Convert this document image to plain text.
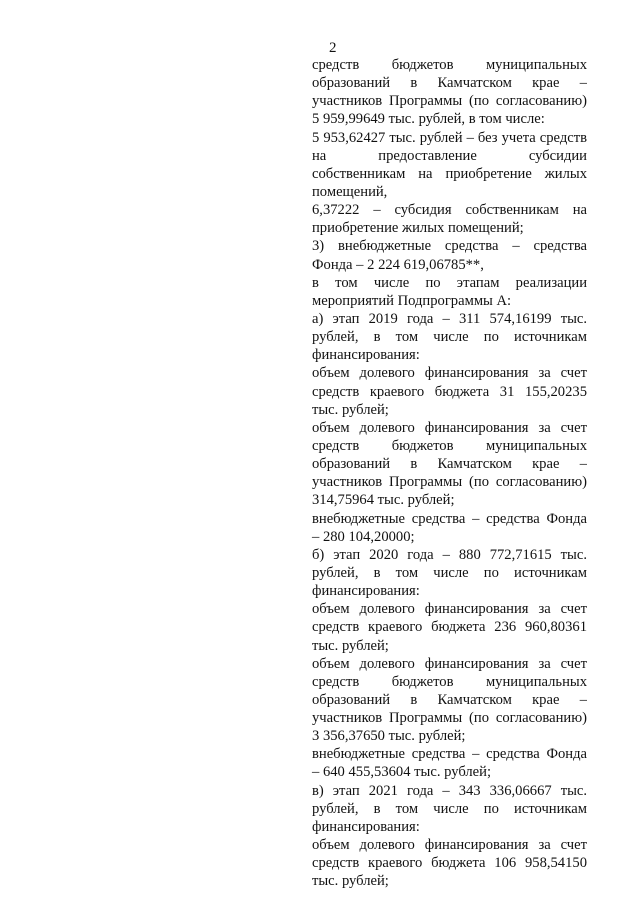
2
средств бюджетов муниципальных
образований в Камчатском крае –
участников Программы (по согласованию)
5 959,99649 тыс. рублей, в том числе:
5 953,62427 тыс. рублей – без учета средств
на предоставление субсидии
собственникам на приобретение жилых
помещений,
6,37222 – субсидия собственникам на
приобретение жилых помещений;
3) внебюджетные средства – средства
Фонда – 2 224 619,06785**,
в том числе по этапам реализации
мероприятий Подпрограммы А:
а) этап 2019 года – 311 574,16199 тыс.
рублей, в том числе по источникам
финансирования:
объем долевого финансирования за счет
средств краевого бюджета 31 155,20235
тыс. рублей;
объем долевого финансирования за счет
средств бюджетов муниципальных
образований в Камчатском крае –
участников Программы (по согласованию)
314,75964 тыс. рублей;
внебюджетные средства – средства Фонда
– 280 104,20000;
б) этап 2020 года – 880 772,71615 тыс.
рублей, в том числе по источникам
финансирования:
объем долевого финансирования за счет
средств краевого бюджета 236 960,80361
тыс. рублей;
объем долевого финансирования за счет
средств бюджетов муниципальных
образований в Камчатском крае –
участников Программы (по согласованию)
3 356,37650 тыс. рублей;
внебюджетные средства – средства Фонда
– 640 455,53604 тыс. рублей;
в) этап 2021 года – 343 336,06667 тыс.
рублей, в том числе по источникам
финансирования:
объем долевого финансирования за счет
средств краевого бюджета 106 958,54150
тыс. рублей;
